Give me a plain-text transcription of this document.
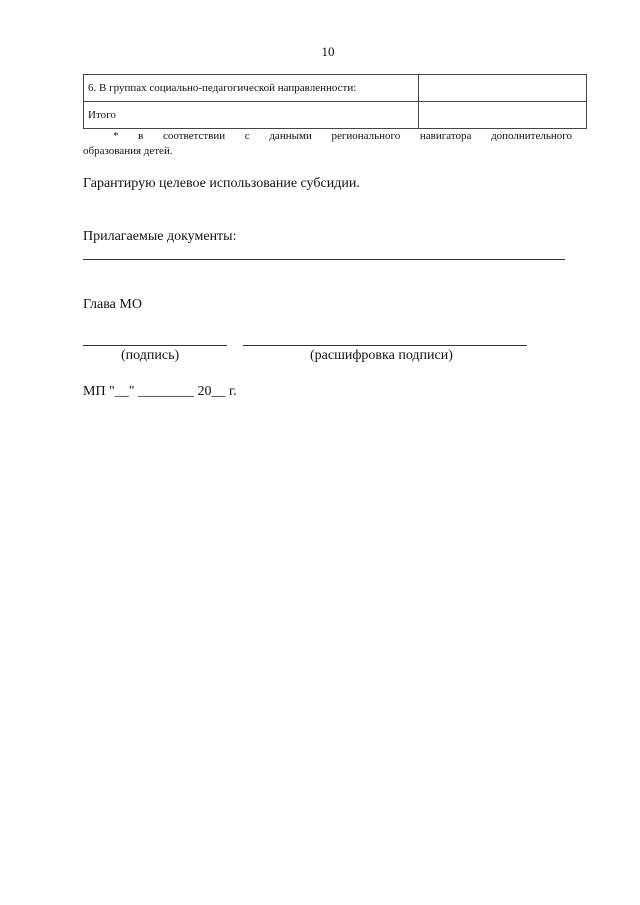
10
6. В группах социально-педагогической направленности:	
Итого	
* в соответствии с данными регионального навигатора дополнительного
образования детей.
Гарантирую целевое использование субсидии.
Прилагаемые документы:
Глава МО
(подпись)	(расшифровка подписи)
МП "__" ________ 20__ г.
